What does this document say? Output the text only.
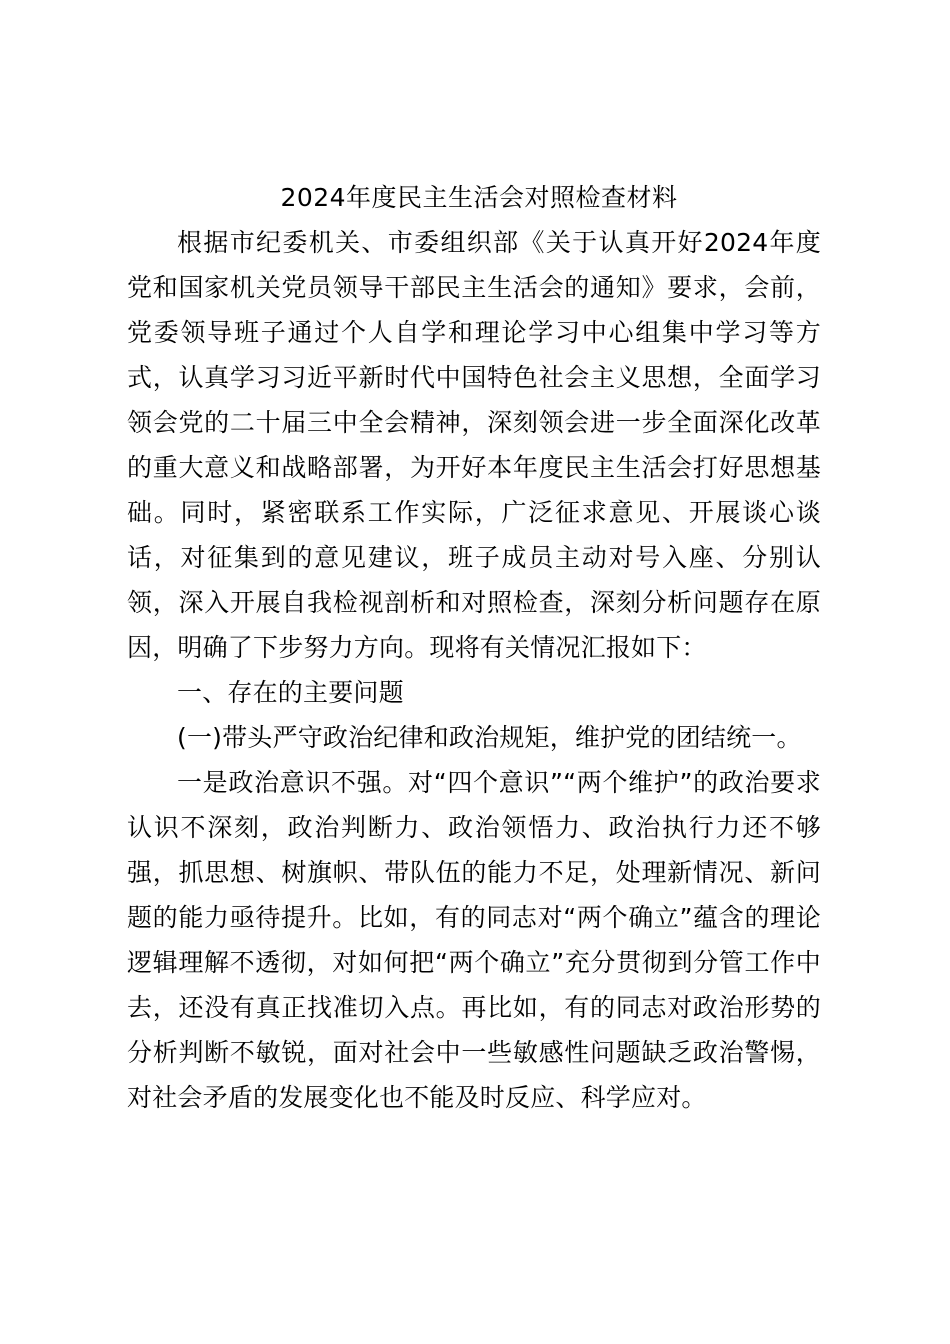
2024年度民主生活会对照检查材料

根据市纪委机关、市委组织部《关于认真开好2024年度党和国家机关党员领导干部民主生活会的通知》要求，会前，党委领导班子通过个人自学和理论学习中心组集中学习等方式，认真学习习近平新时代中国特色社会主义思想，全面学习领会党的二十届三中全会精神，深刻领会进一步全面深化改革的重大意义和战略部署，为开好本年度民主生活会打好思想基础。同时，紧密联系工作实际，广泛征求意见、开展谈心谈话，对征集到的意见建议，班子成员主动对号入座、分别认领，深入开展自我检视剖析和对照检查，深刻分析问题存在原因，明确了下步努力方向。现将有关情况汇报如下：

一、存在的主要问题

(一)带头严守政治纪律和政治规矩，维护党的团结统一。

一是政治意识不强。对“四个意识”“两个维护”的政治要求认识不深刻，政治判断力、政治领悟力、政治执行力还不够强，抓思想、树旗帜、带队伍的能力不足，处理新情况、新问题的能力亟待提升。比如，有的同志对“两个确立”蕴含的理论逻辑理解不透彻，对如何把“两个确立”充分贯彻到分管工作中去，还没有真正找准切入点。再比如，有的同志对政治形势的分析判断不敏锐，面对社会中一些敏感性问题缺乏政治警惕，对社会矛盾的发展变化也不能及时反应、科学应对。
